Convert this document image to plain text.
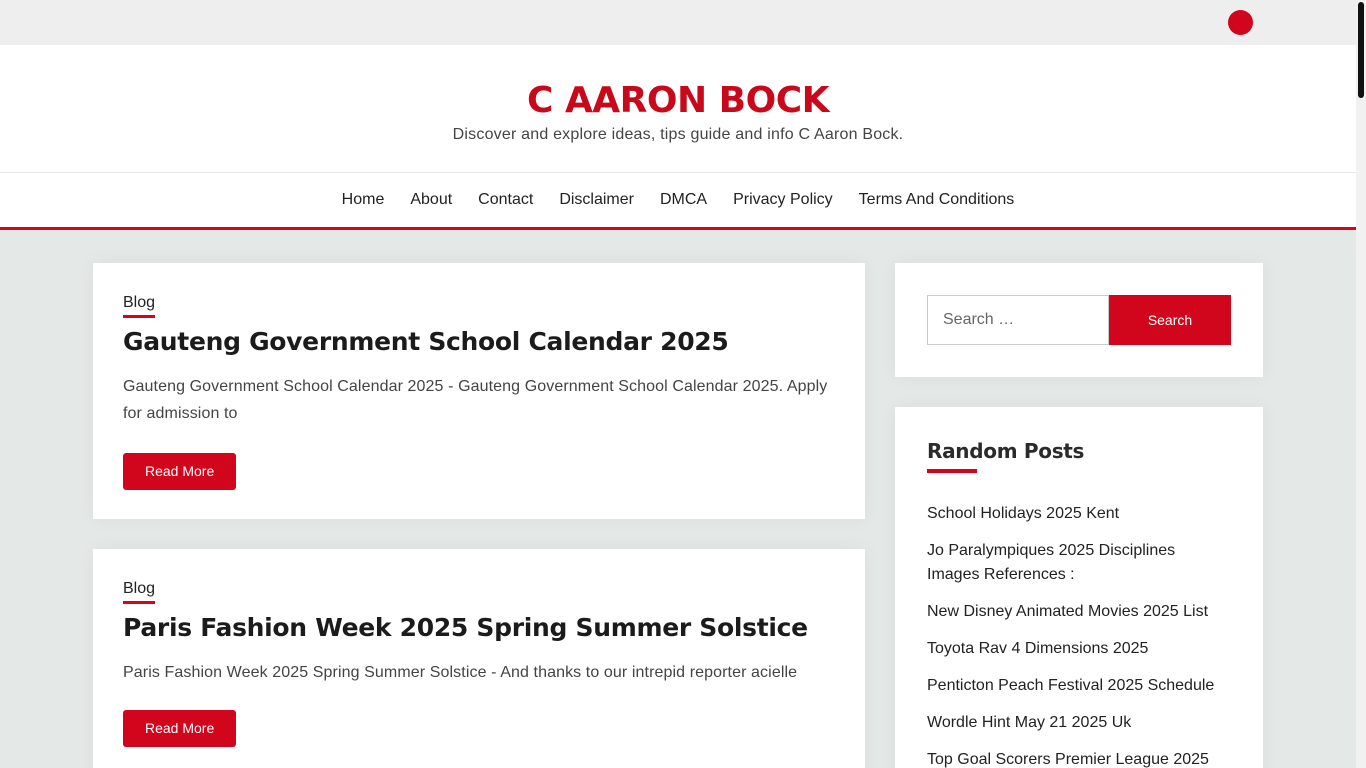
C AARON BOCK
Discover and explore ideas, tips guide and info C Aaron Bock.
Home	About	Contact	Disclaimer	DMCA	Privacy Policy	Terms And Conditions
Blog
Gauteng Government School Calendar 2025

Gauteng Government School Calendar 2025 - Gauteng Government School Calendar 2025. Apply for admission to

Read More
Blog
Paris Fashion Week 2025 Spring Summer Solstice

Paris Fashion Week 2025 Spring Summer Solstice - And thanks to our intrepid reporter acielle

Read More
Search …
Search
Random Posts
School Holidays 2025 Kent
Jo Paralympiques 2025 Disciplines Images References :
New Disney Animated Movies 2025 List
Toyota Rav 4 Dimensions 2025
Penticton Peach Festival 2025 Schedule
Wordle Hint May 21 2025 Uk
Top Goal Scorers Premier League 2025
